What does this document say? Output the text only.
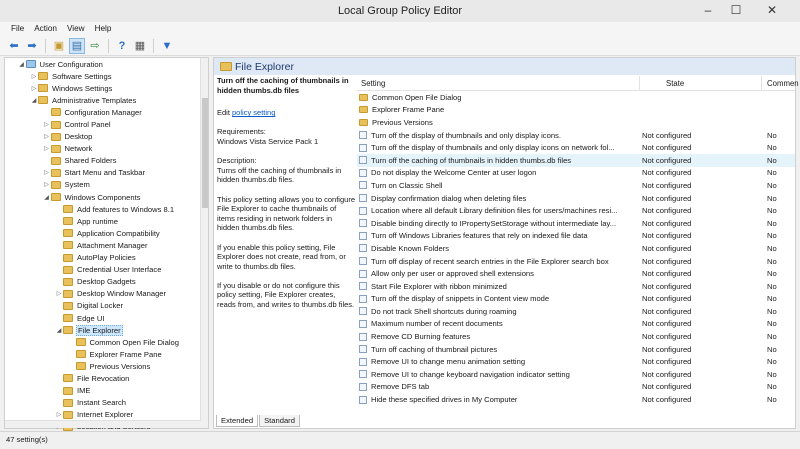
Local Group Policy Editor	–	☐	✕
File	Action	View	Help
⬅ ➡	▣ ▤ ⇨	? ▦ ▼
◢ User Configuration
▷ Software Settings
▷ Windows Settings
◢ Administrative Templates
Configuration Manager
▷ Control Panel
▷ Desktop
▷ Network
Shared Folders
▷ Start Menu and Taskbar
▷ System
◢ Windows Components
Add features to Windows 8.1
App runtime
Application Compatibility
Attachment Manager
AutoPlay Policies
Credential User Interface
Desktop Gadgets
▷ Desktop Window Manager
Digital Locker
Edge UI
◢ File Explorer
Common Open File Dialog
Explorer Frame Pane
Previous Versions
File Revocation
IME
Instant Search
▷ Internet Explorer
File Explorer
Turn off the caching of thumbnails in hidden thumbs.db files

Edit policy setting

Requirements:
Windows Vista Service Pack 1

Description:
Turns off the caching of thumbnails in hidden thumbs.db files.

This policy setting allows you to configure File Explorer to cache thumbnails of items residing in network folders in hidden thumbs.db files.

If you enable this policy setting, File Explorer does not create, read from, or write to thumbs.db files.

If you disable or do not configure this policy setting, File Explorer creates, reads from, and writes to thumbs.db files.

Setting	State	Commen
Common Open File Dialog
Explorer Frame Pane
Previous Versions
Turn off the display of thumbnails and only display icons.	Not configured	No
Turn off the display of thumbnails and only display icons on network fol...	Not configured	No
Turn off the caching of thumbnails in hidden thumbs.db files	Not configured	No
Do not display the Welcome Center at user logon	Not configured	No
Turn on Classic Shell	Not configured	No
Display confirmation dialog when deleting files	Not configured	No
Location where all default Library definition files for users/machines resi...	Not configured	No
Disable binding directly to IPropertySetStorage without intermediate lay...	Not configured	No
Turn off Windows Libraries features that rely on indexed file data	Not configured	No
Disable Known Folders	Not configured	No
Turn off display of recent search entries in the File Explorer search box	Not configured	No
Allow only per user or approved shell extensions	Not configured	No
Start File Explorer with ribbon minimized	Not configured	No
Turn off the display of snippets in Content view mode	Not configured	No
Do not track Shell shortcuts during roaming	Not configured	No
Maximum number of recent documents	Not configured	No
Remove CD Burning features	Not configured	No
Turn off caching of thumbnail pictures	Not configured	No
Remove UI to change menu animation setting	Not configured	No
Remove UI to change keyboard navigation indicator setting	Not configured	No
Remove DFS tab	Not configured	No
Hide these specified drives in My Computer	Not configured	No
Extended	Standard
47 setting(s)
